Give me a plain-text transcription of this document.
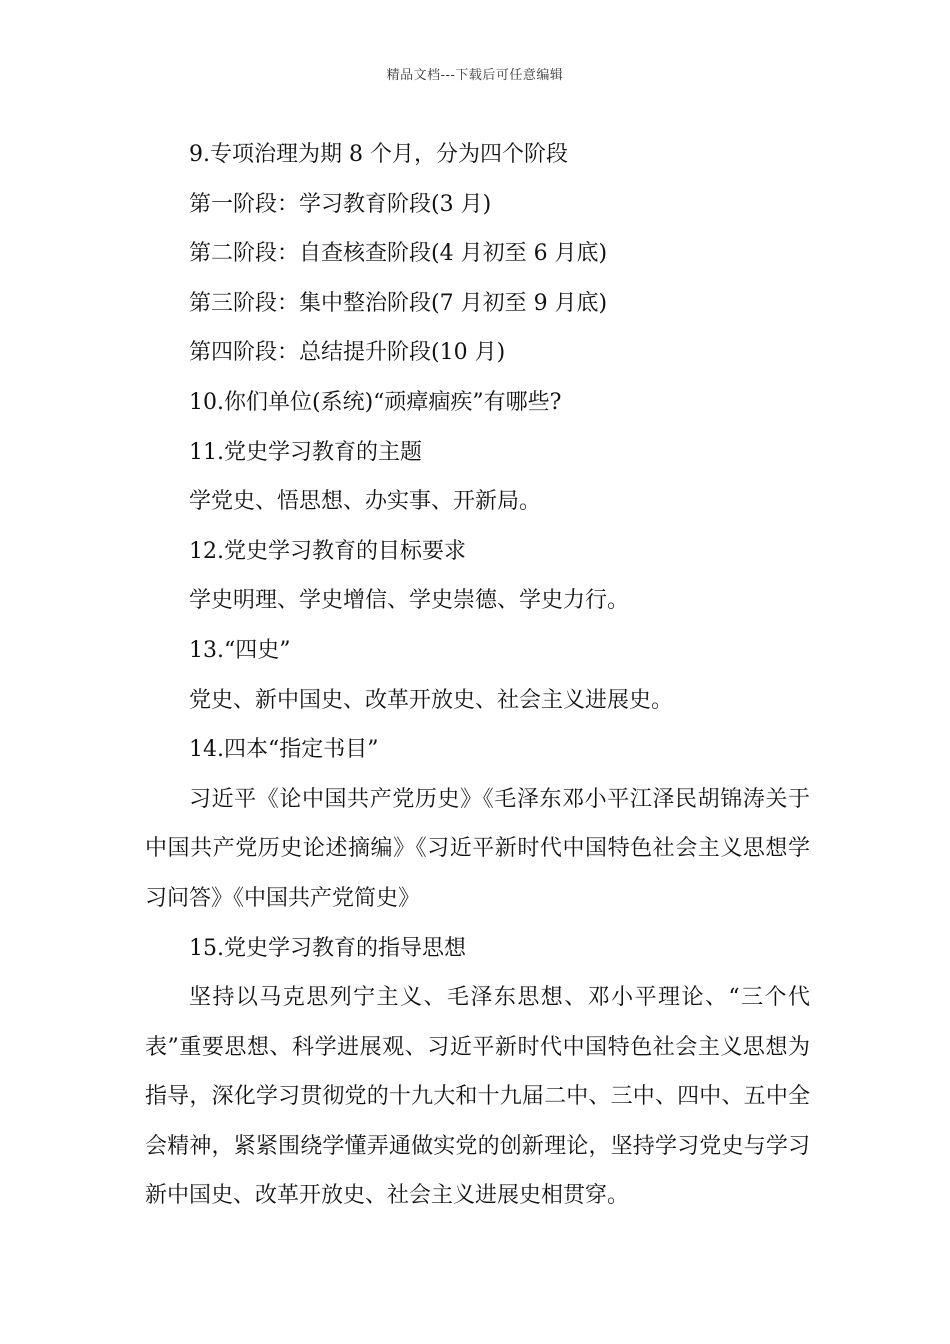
精品文档---下载后可任意编辑
9.专项治理为期 8 个月，分为四个阶段
第一阶段：学习教育阶段(3 月)
第二阶段：自查核查阶段(4 月初至 6 月底)
第三阶段：集中整治阶段(7 月初至 9 月底)
第四阶段：总结提升阶段(10 月)
10.你们单位(系统)“顽瘴痼疾”有哪些?
11.党史学习教育的主题
学党史、悟思想、办实事、开新局。
12.党史学习教育的目标要求
学史明理、学史增信、学史崇德、学史力行。
13.“四史”
党史、新中国史、改革开放史、社会主义进展史。
14.四本“指定书目”

习近平《论中国共产党历史》《毛泽东邓小平江泽民胡锦涛关于中国共产党历史论述摘编》《习近平新时代中国特色社会主义思想学习问答》《中国共产党简史》

15.党史学习教育的指导思想

坚持以马克思列宁主义、毛泽东思想、邓小平理论、“三个代表”重要思想、科学进展观、习近平新时代中国特色社会主义思想为指导，深化学习贯彻党的十九大和十九届二中、三中、四中、五中全会精神，紧紧围绕学懂弄通做实党的创新理论，坚持学习党史与学习新中国史、改革开放史、社会主义进展史相贯穿。
